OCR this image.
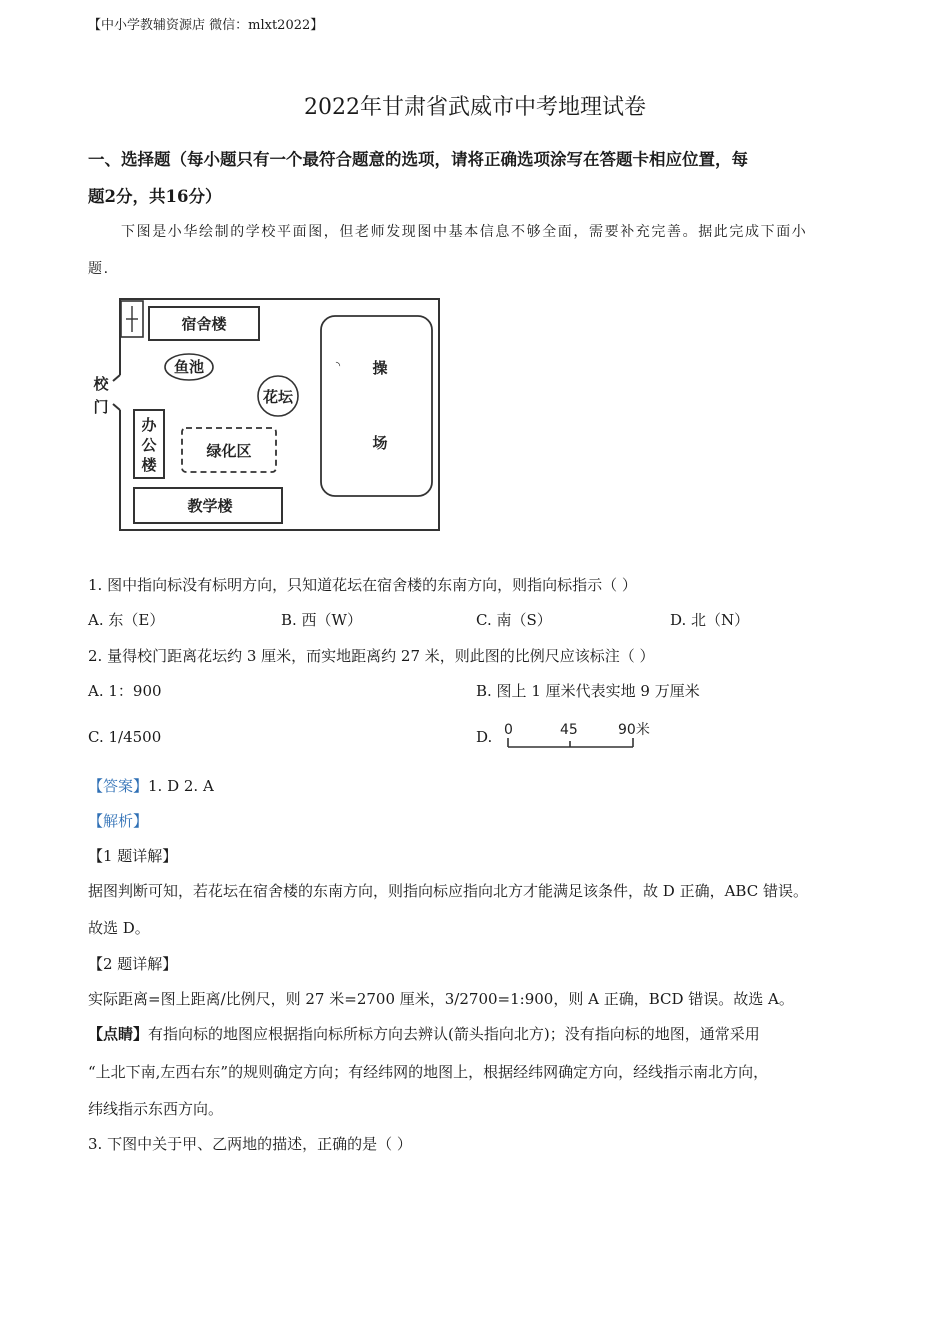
【中小学教辅资源店 微信：mlxt2022】
2022年甘肃省武威市中考地理试卷
一、选择题（每小题只有一个最符合题意的选项，请将正确选项涂写在答题卡相应位置，每
题2分，共16分）
下图是小华绘制的学校平面图，但老师发现图中基本信息不够全面，需要补充完善。据此完成下面小
题.
宿舍楼
鱼池
花坛
校
门
办
公
楼
绿化区
操
场
教学楼
◝
1. 图中指向标没有标明方向，只知道花坛在宿舍楼的东南方向，则指向标指示（ ）
A. 东（E）	B. 西（W）	C. 南（S）	D. 北（N）
2. 量得校门距离花坛约 3 厘米，而实地距离约 27 米，则此图的比例尺应该标注（ ）
A. 1：900	B. 图上 1 厘米代表实地 9 万厘米
C. 1/4500	D. 0	45	90米
【答案】1. D 2. A
【解析】
【1 题详解】
据图判断可知，若花坛在宿舍楼的东南方向，则指向标应指向北方才能满足该条件，故 D 正确，ABC 错误。
故选 D。
【2 题详解】
实际距离=图上距离/比例尺，则 27 米=2700 厘米，3/2700=1:900，则 A 正确，BCD 错误。故选 A。
【点睛】有指向标的地图应根据指向标所标方向去辨认(箭头指向北方)；没有指向标的地图，通常采用
“上北下南,左西右东”的规则确定方向；有经纬网的地图上，根据经纬网确定方向，经线指示南北方向，
纬线指示东西方向。
3. 下图中关于甲、乙两地的描述，正确的是（ ）
